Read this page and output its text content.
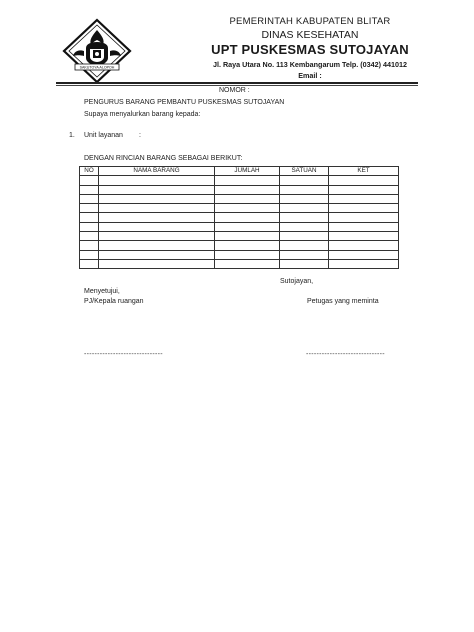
SAKUTOYA ALOPOH
PEMERINTAH KABUPATEN BLITAR
DINAS KESEHATAN
UPT PUSKESMAS SUTOJAYAN
Jl. Raya Utara No. 113 Kembangarum Telp. (0342) 441012
Email :
NOMOR :
PENGURUS BARANG PEMBANTU PUSKESMAS SUTOJAYAN
Supaya menyalurkan barang kepada:
1. Unit layanan :
DENGAN RINCIAN BARANG SEBAGAI BERIKUT:
NO	NAMA BARANG	JUMLAH	SATUAN	KET

Sutojayan,
Menyetujui,
PJ/Kepala ruangan	Petugas yang meminta
------------------------------	------------------------------
